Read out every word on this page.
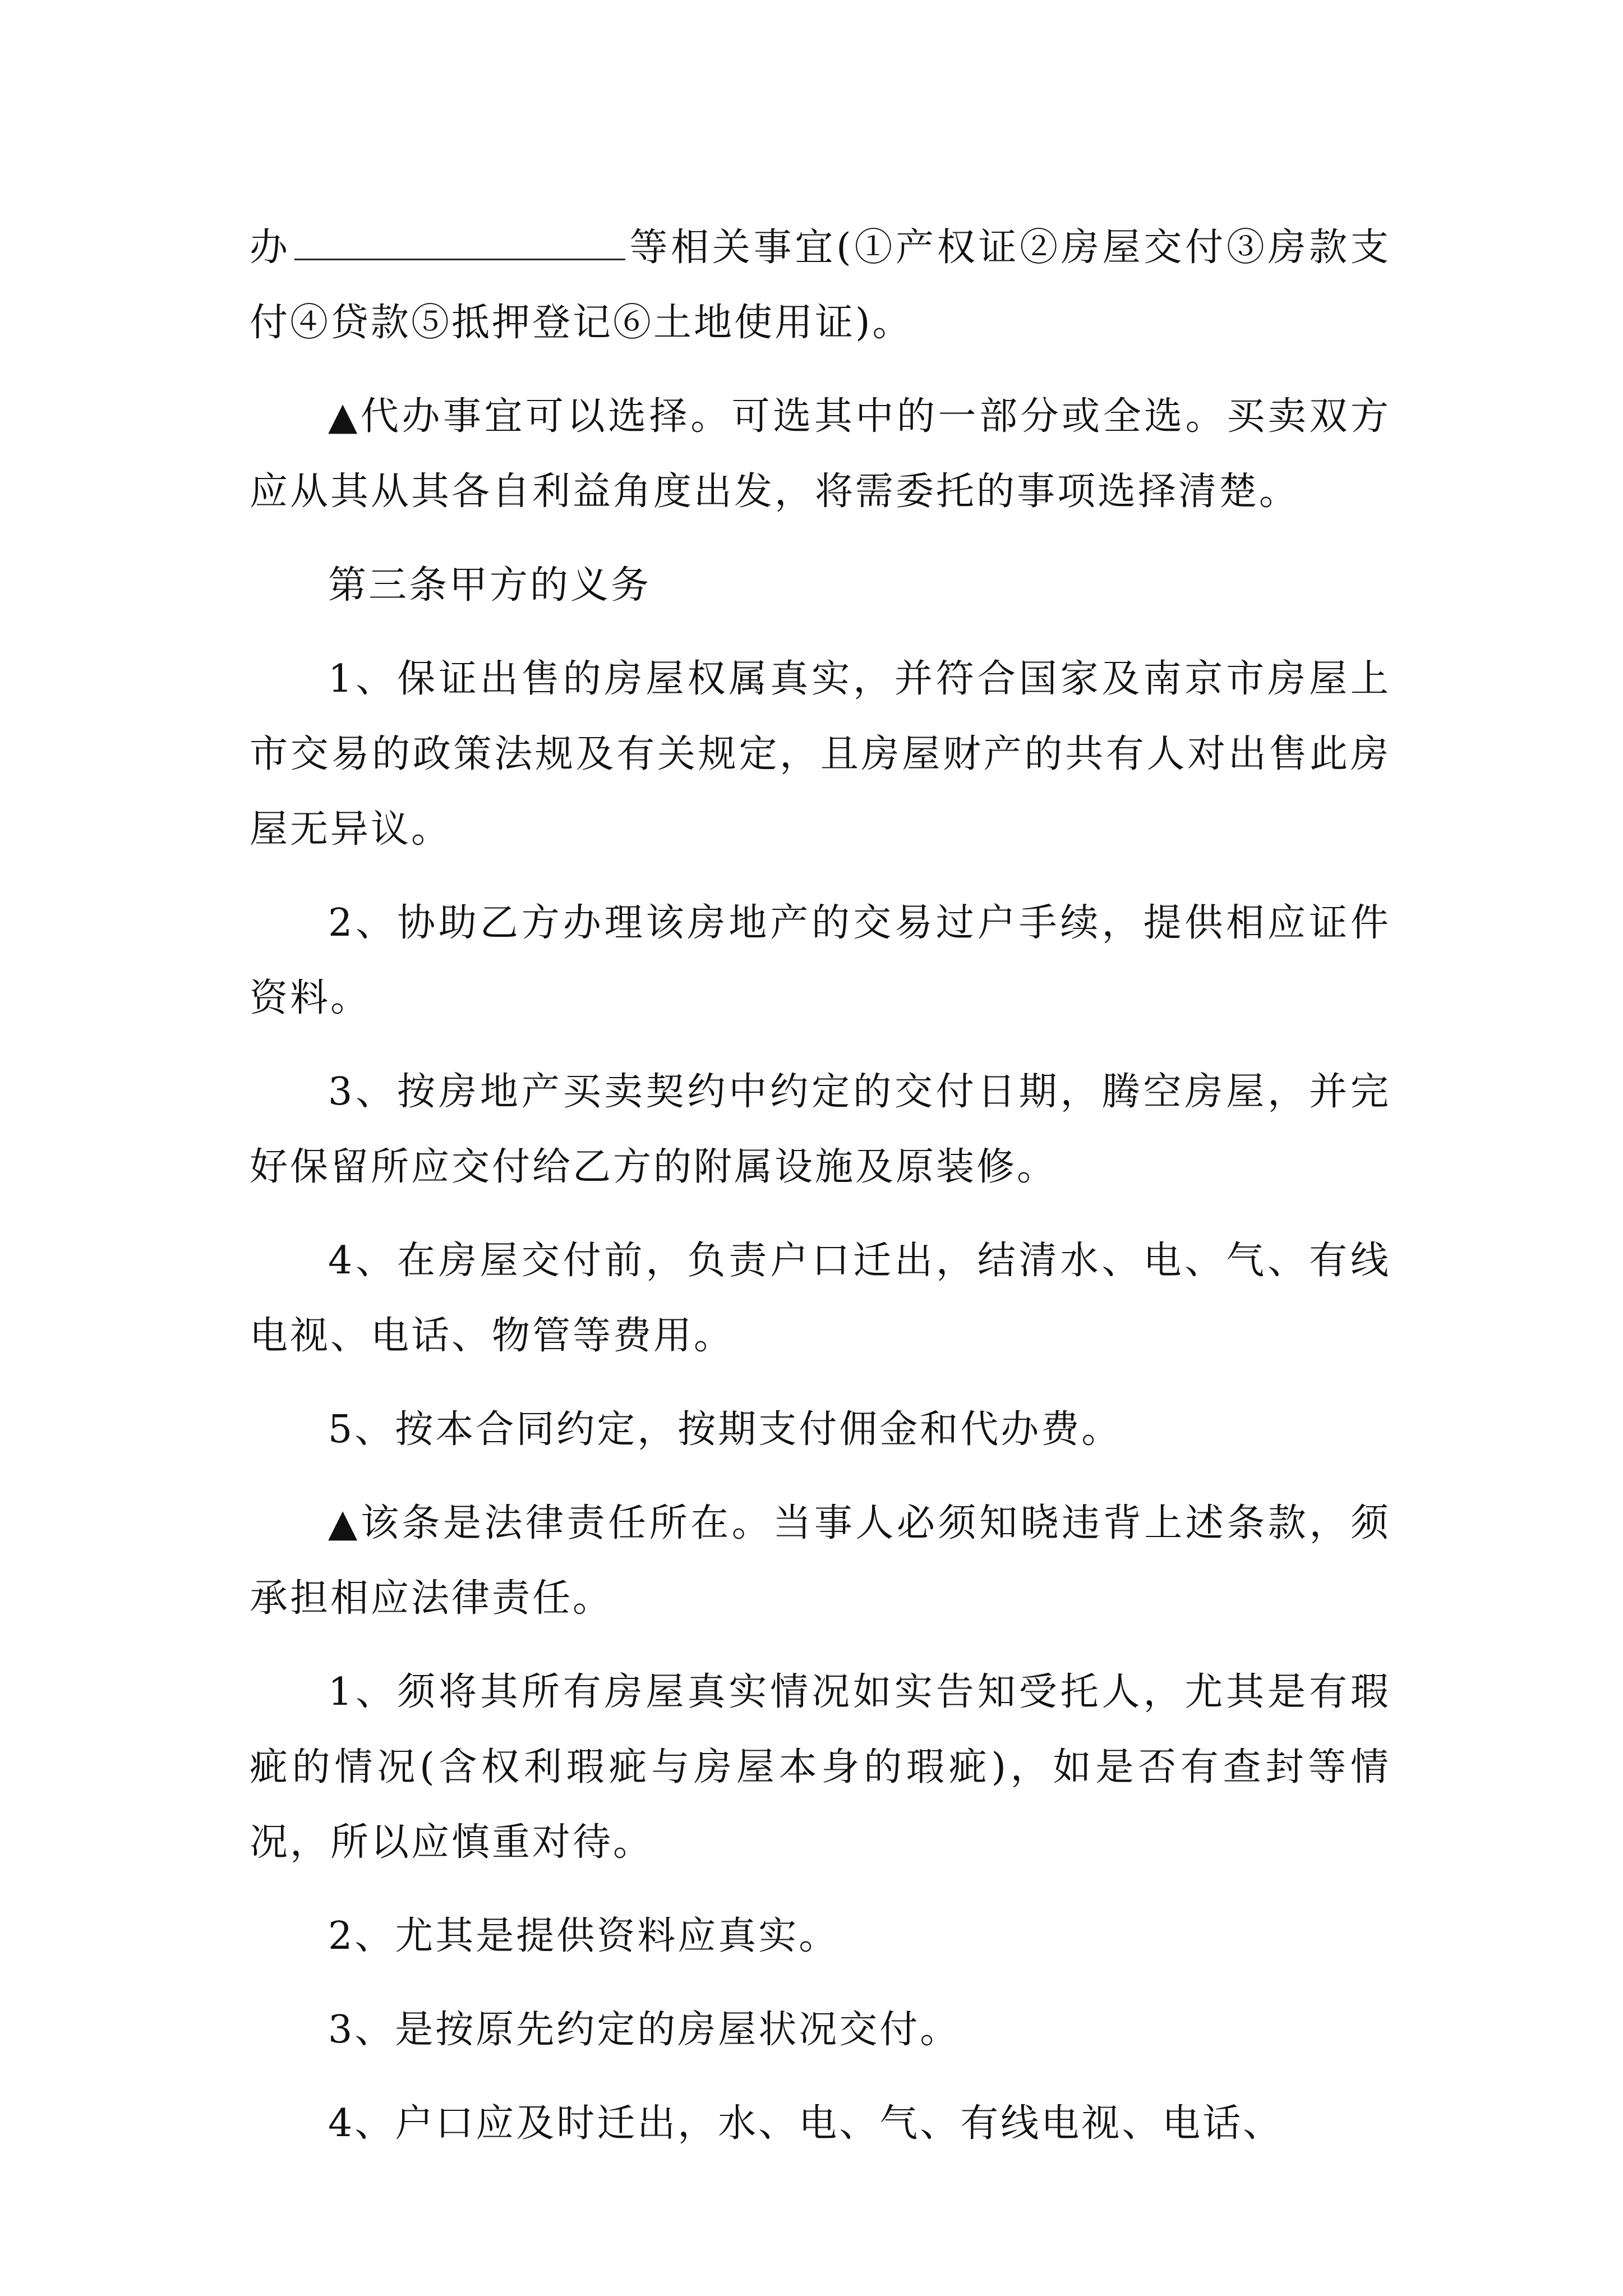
办	等相关事宜(①产权证②房屋交付③房款支付④贷款⑤抵押登记⑥土地使用证)。

▲代办事宜可以选择。可选其中的一部分或全选。买卖双方应从其从其各自利益角度出发，将需委托的事项选择清楚。

第三条甲方的义务

1、保证出售的房屋权属真实，并符合国家及南京市房屋上市交易的政策法规及有关规定，且房屋财产的共有人对出售此房屋无异议。

2、协助乙方办理该房地产的交易过户手续，提供相应证件资料。

3、按房地产买卖契约中约定的交付日期，腾空房屋，并完好保留所应交付给乙方的附属设施及原装修。

4、在房屋交付前，负责户口迁出，结清水、电、气、有线电视、电话、物管等费用。

5、按本合同约定，按期支付佣金和代办费。

▲该条是法律责任所在。当事人必须知晓违背上述条款，须承担相应法律责任。

1、须将其所有房屋真实情况如实告知受托人，尤其是有瑕疵的情况(含权利瑕疵与房屋本身的瑕疵)，如是否有查封等情况，所以应慎重对待。

2、尤其是提供资料应真实。

3、是按原先约定的房屋状况交付。

4、户口应及时迁出，水、电、气、有线电视、电话、
